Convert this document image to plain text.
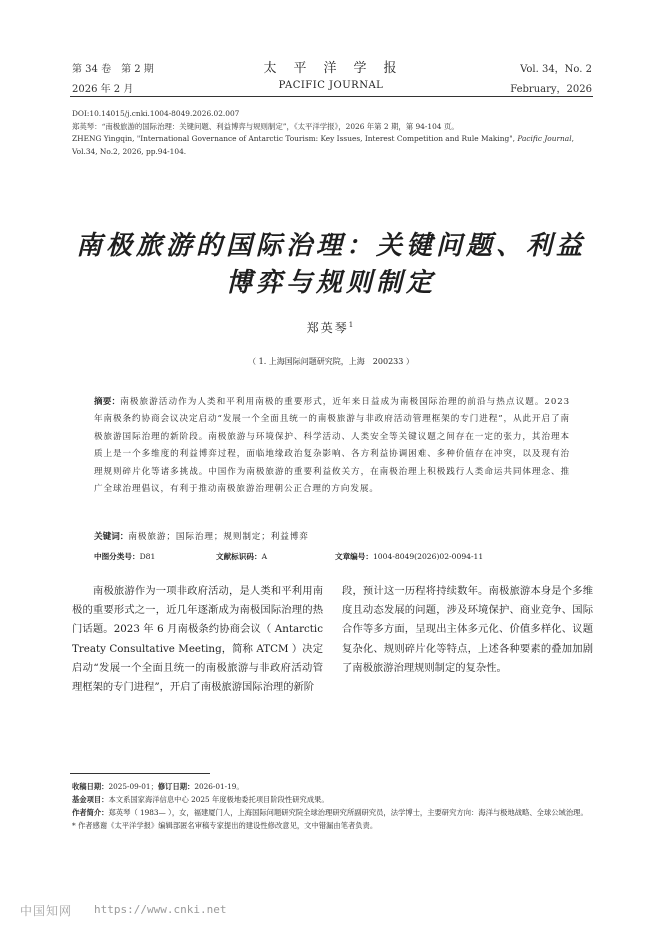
第 34 卷　第 2 期
2026 年 2 月
太　平　洋　学　报
PACIFIC JOURNAL
Vol. 34，No. 2
February，2026
DOI:10.14015/j.cnki.1004-8049.2026.02.007
郑英琴：“南极旅游的国际治理：关键问题、利益博弈与规则制定”，《太平洋学报》，2026 年第 2 期，第 94-104 页。
ZHENG Yingqin, "International Governance of Antarctic Tourism: Key Issues, Interest Competition and Rule Making", Pacific Journal, Vol.34, No.2, 2026, pp.94-104.
南极旅游的国际治理：关键问题、利益
博弈与规则制定
郑英琴$^1$
（ 1. 上海国际问题研究院，上海　200233 ）
摘要：南极旅游活动作为人类和平利用南极的重要形式，近年来日益成为南极国际治理的前沿与热点议题。2023 年南极条约协商会议决定启动“发展一个全面且统一的南极旅游与非政府活动管理框架的专门进程”，从此开启了南极旅游国际治理的新阶段。南极旅游与环境保护、科学活动、人类安全等关键议题之间存在一定的张力，其治理本质上是一个多维度的利益博弈过程，面临地缘政治复杂影响、各方利益协调困难、多种价值存在冲突，以及现有治理规则碎片化等诸多挑战。中国作为南极旅游的重要利益攸关方，在南极治理上积极践行人类命运共同体理念、推广全球治理倡议，有利于推动南极旅游治理朝公正合理的方向发展。
关键词：南极旅游；国际治理；规则制定；利益博弈
中图分类号：D81	文献标识码：A	文章编号：1004-8049(2026)02-0094-11
南极旅游作为一项非政府活动，是人类和平利用南极的重要形式之一，近几年逐渐成为南极国际治理的热门话题。2023 年 6 月南极条约协商会议（ Antarctic Treaty Consultative Meeting，简称 ATCM ）决定启动“发展一个全面且统一的南极旅游与非政府活动管理框架的专门进程”，开启了南极旅游国际治理的新阶
段，预计这一历程将持续数年。南极旅游本身是个多维度且动态发展的问题，涉及环境保护、商业竞争、国际合作等多方面，呈现出主体多元化、价值多样化、议题复杂化、规则碎片化等特点，上述各种要素的叠加加剧了南极旅游治理规则制定的复杂性。
收稿日期：2025-09-01；修订日期：2026-01-19。
基金项目：本文系国家海洋信息中心 2025 年度极地委托项目阶段性研究成果。
作者简介：郑英琴（ 1983— ），女，福建厦门人，上海国际问题研究院全球治理研究所副研究员，法学博士，主要研究方向：海洋与极地战略、全球公域治理。
* 作者感谢《太平洋学报》编辑部匿名审稿专家提出的建设性修改意见，文中错漏由笔者负责。
中国知网 https://www.cnki.net
